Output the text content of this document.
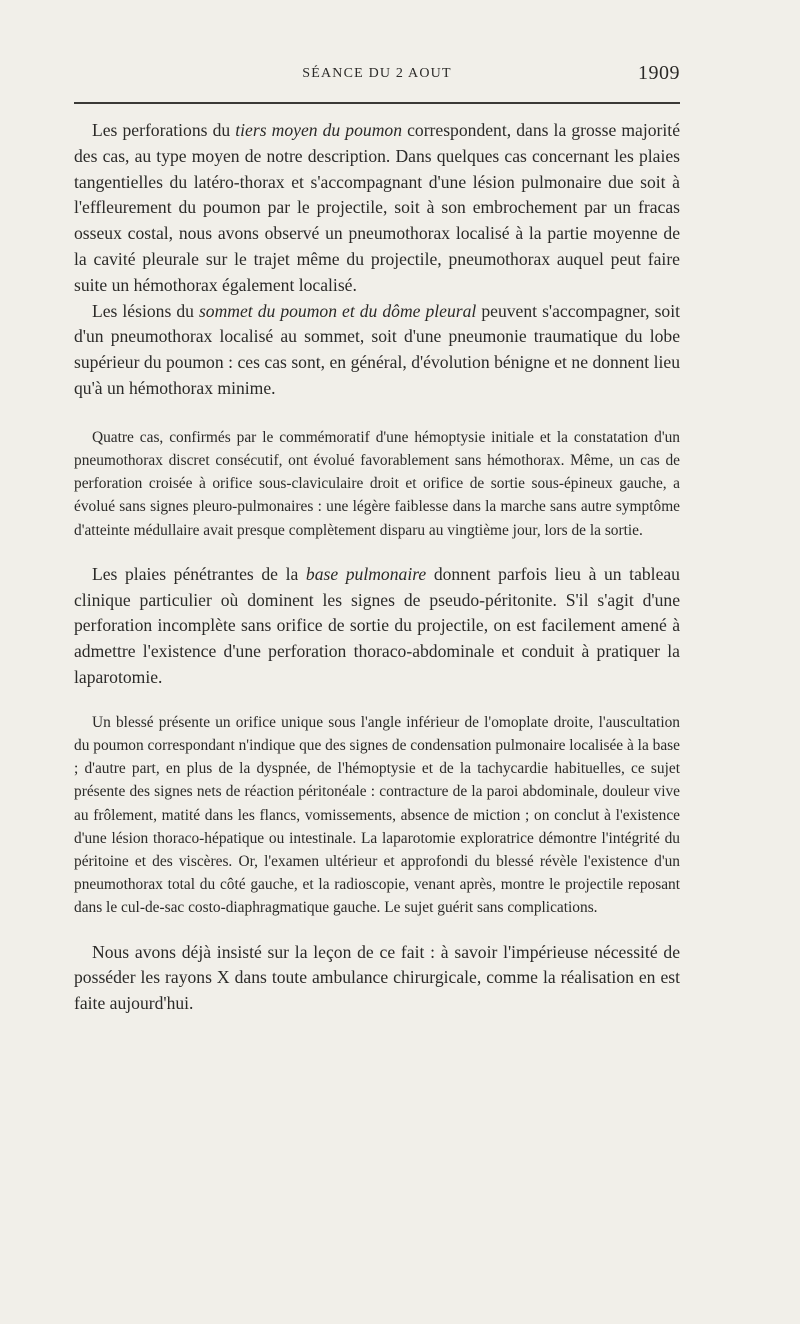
SÉANCE DU 2 AOUT	1909

Les perforations du tiers moyen du poumon correspondent, dans la grosse majorité des cas, au type moyen de notre description. Dans quelques cas concernant les plaies tangentielles du latéro-thorax et s'accompagnant d'une lésion pulmonaire due soit à l'effleurement du poumon par le projectile, soit à son embrochement par un fracas osseux costal, nous avons observé un pneumothorax localisé à la partie moyenne de la cavité pleurale sur le trajet même du projectile, pneumothorax auquel peut faire suite un hémothorax également localisé.

Les lésions du sommet du poumon et du dôme pleural peuvent s'accompagner, soit d'un pneumothorax localisé au sommet, soit d'une pneumonie traumatique du lobe supérieur du poumon : ces cas sont, en général, d'évolution bénigne et ne donnent lieu qu'à un hémothorax minime.

Quatre cas, confirmés par le commémoratif d'une hémoptysie initiale et la constatation d'un pneumothorax discret consécutif, ont évolué favorablement sans hémothorax. Même, un cas de perforation croisée à orifice sous-claviculaire droit et orifice de sortie sous-épineux gauche, a évolué sans signes pleuro-pulmonaires : une légère faiblesse dans la marche sans autre symptôme d'atteinte médullaire avait presque complètement disparu au vingtième jour, lors de la sortie.

Les plaies pénétrantes de la base pulmonaire donnent parfois lieu à un tableau clinique particulier où dominent les signes de pseudo-péritonite. S'il s'agit d'une perforation incomplète sans orifice de sortie du projectile, on est facilement amené à admettre l'existence d'une perforation thoraco-abdominale et conduit à pratiquer la laparotomie.

Un blessé présente un orifice unique sous l'angle inférieur de l'omoplate droite, l'auscultation du poumon correspondant n'indique que des signes de condensation pulmonaire localisée à la base ; d'autre part, en plus de la dyspnée, de l'hémoptysie et de la tachycardie habituelles, ce sujet présente des signes nets de réaction péritonéale : contracture de la paroi abdominale, douleur vive au frôlement, matité dans les flancs, vomissements, absence de miction ; on conclut à l'existence d'une lésion thoraco-hépatique ou intestinale. La laparotomie exploratrice démontre l'intégrité du péritoine et des viscères. Or, l'examen ultérieur et approfondi du blessé révèle l'existence d'un pneumothorax total du côté gauche, et la radioscopie, venant après, montre le projectile reposant dans le cul-de-sac costo-diaphragmatique gauche. Le sujet guérit sans complications.

Nous avons déjà insisté sur la leçon de ce fait : à savoir l'impérieuse nécessité de posséder les rayons X dans toute ambulance chirurgicale, comme la réalisation en est faite aujourd'hui.
